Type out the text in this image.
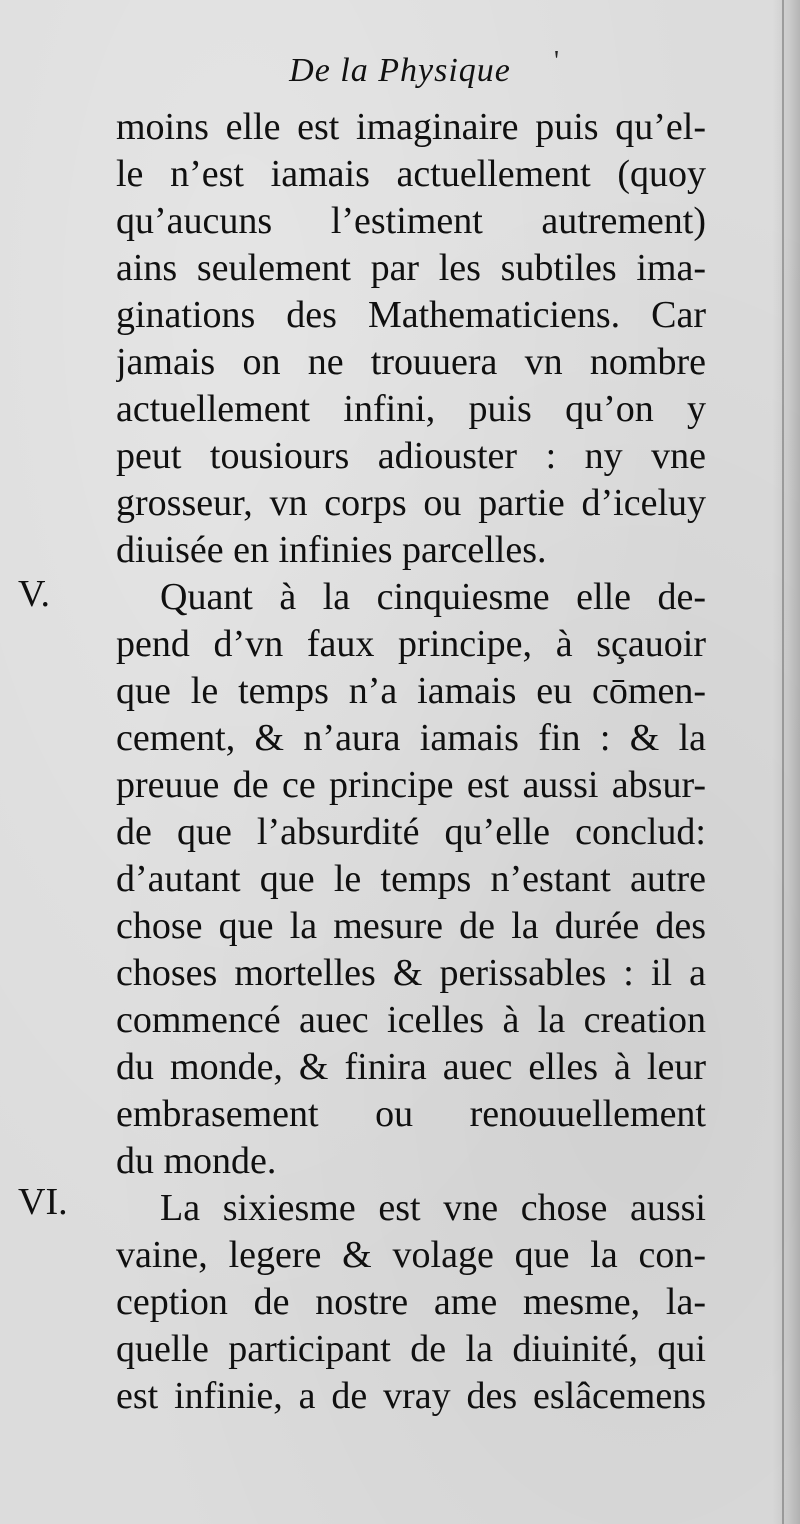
De la Physique	'
V.
VI.
moins elle est imaginaire puis qu’el-
le n’est iamais actuellement (quoy
qu’aucuns l’estiment autrement)
ains seulement par les subtiles ima-
ginations des Mathematiciens. Car
jamais on ne trouuera vn nombre
actuellement infini, puis qu’on y
peut tousiours adiouster : ny vne
grosseur, vn corps ou partie d’iceluy
diuisée en infinies parcelles.
Quant à la cinquiesme elle de-
pend d’vn faux principe, à sçauoir
que le temps n’a iamais eu cōmen-
cement, & n’aura iamais fin : & la
preuue de ce principe est aussi absur-
de que l’absurdité qu’elle conclud:
d’autant que le temps n’estant autre
chose que la mesure de la durée des
choses mortelles & perissables : il a
commencé auec icelles à la creation
du monde, & finira auec elles à leur
embrasement ou renouuellement
du monde.
La sixiesme est vne chose aussi
vaine, legere & volage que la con-
ception de nostre ame mesme, la-
quelle participant de la diuinité, qui
est infinie, a de vray des eslâcemens
